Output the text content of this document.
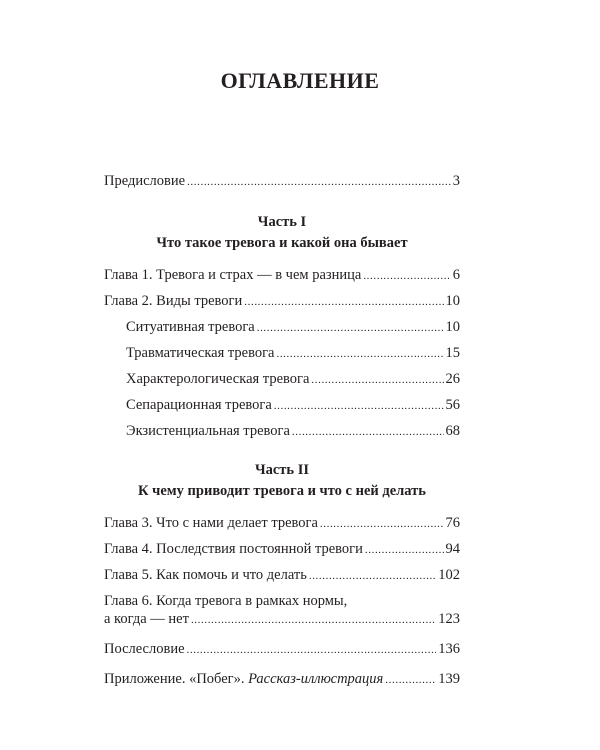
ОГЛАВЛЕНИЕ
Предисловие .....	3
Часть I
Что такое тревога и какой она бывает
Глава 1. Тревога и страх — в чем разница .....	6
Глава 2. Виды тревоги .....	10
Ситуативная тревога .....	10
Травматическая тревога .....	15
Характерологическая тревога .....	26
Сепарационная тревога .....	56
Экзистенциальная тревога .....	68
Часть II
К чему приводит тревога и что с ней делать
Глава 3. Что с нами делает тревога .....	76
Глава 4. Последствия постоянной тревоги .....	94
Глава 5. Как помочь и что делать .....	102
Глава 6. Когда тревога в рамках нормы,
а когда — нет .....	123
Послесловие .....	136
Приложение. «Побег». Рассказ-иллюстрация .....	139
